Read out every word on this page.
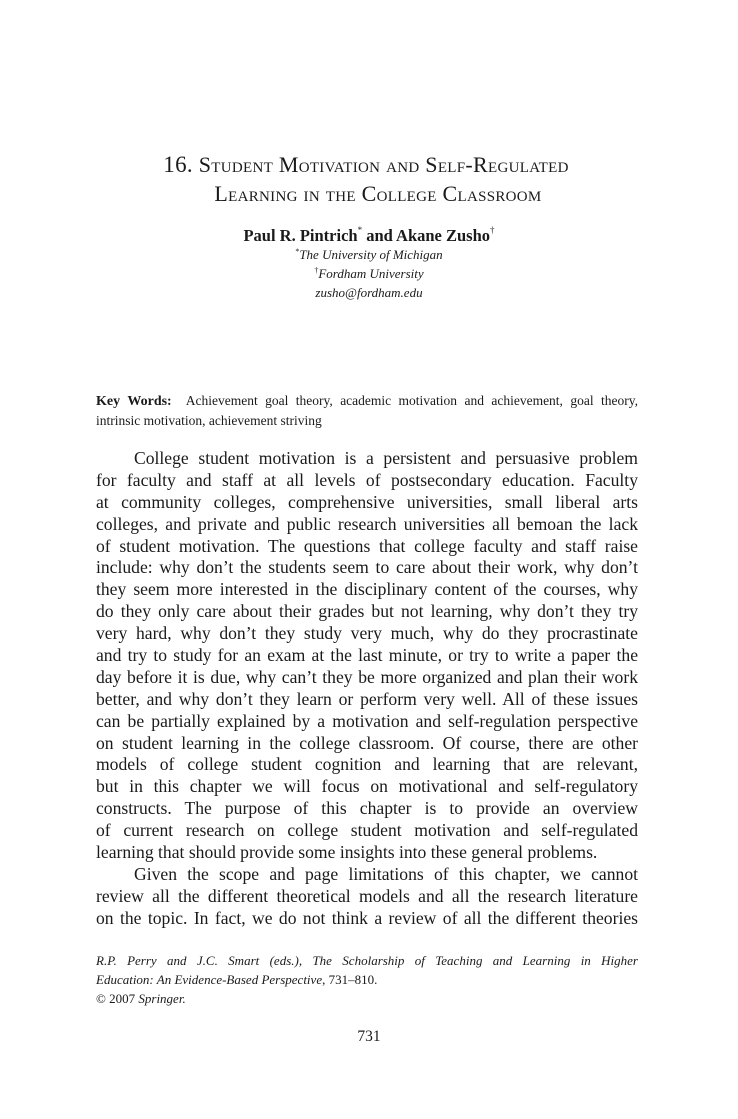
16. Student Motivation and Self-Regulated
Learning in the College Classroom
Paul R. Pintrich* and Akane Zusho†
*The University of Michigan
†Fordham University
zusho@fordham.edu
Key Words: Achievement goal theory, academic motivation and achievement, goal theory, intrinsic motivation, achievement striving
College student motivation is a persistent and persuasive problem
for faculty and staff at all levels of postsecondary education. Faculty
at community colleges, comprehensive universities, small liberal arts
colleges, and private and public research universities all bemoan the lack
of student motivation. The questions that college faculty and staff raise
include: why don’t the students seem to care about their work, why don’t
they seem more interested in the disciplinary content of the courses, why
do they only care about their grades but not learning, why don’t they try
very hard, why don’t they study very much, why do they procrastinate
and try to study for an exam at the last minute, or try to write a paper the
day before it is due, why can’t they be more organized and plan their work
better, and why don’t they learn or perform very well. All of these issues
can be partially explained by a motivation and self-regulation perspective
on student learning in the college classroom. Of course, there are other
models of college student cognition and learning that are relevant,
but in this chapter we will focus on motivational and self-regulatory
constructs. The purpose of this chapter is to provide an overview
of current research on college student motivation and self-regulated
learning that should provide some insights into these general problems.
Given the scope and page limitations of this chapter, we cannot
review all the different theoretical models and all the research literature
on the topic. In fact, we do not think a review of all the different theories
R.P. Perry and J.C. Smart (eds.), The Scholarship of Teaching and Learning in Higher
Education: An Evidence-Based Perspective, 731–810.
© 2007 Springer.
731
